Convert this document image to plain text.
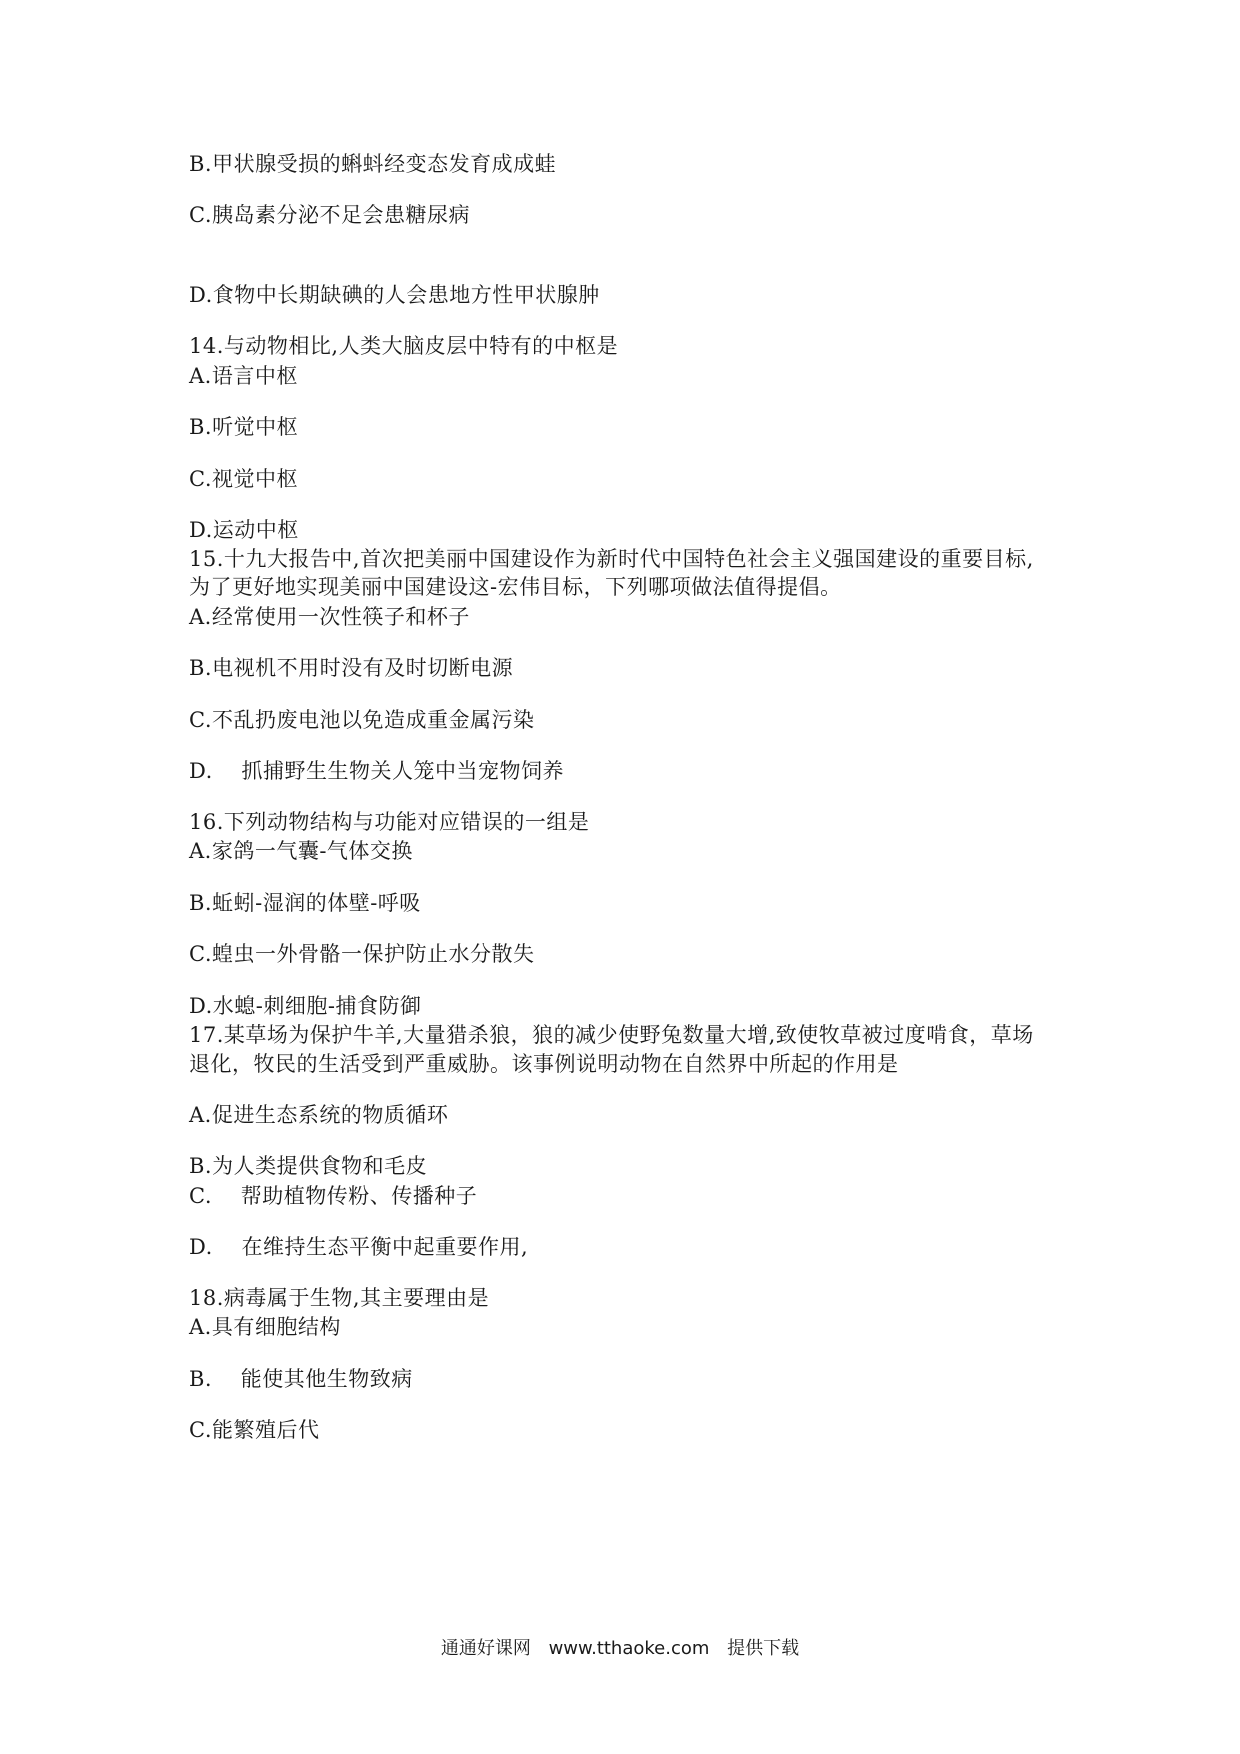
B.甲状腺受损的蝌蚪经变态发育成成蛙
C.胰岛素分泌不足会患糖尿病
D.食物中长期缺碘的人会患地方性甲状腺肿
14.与动物相比,人类大脑皮层中特有的中枢是
A.语言中枢
B.听觉中枢
C.视觉中枢
D.运动中枢
15.十九大报告中,首次把美丽中国建设作为新时代中国特色社会主义强国建设的重要目标,
为了更好地实现美丽中国建设这-宏伟目标，下列哪项做法值得提倡。
A.经常使用一次性筷子和杯子
B.电视机不用时没有及时切断电源
C.不乱扔废电池以免造成重金属污染
D.    抓捕野生生物关人笼中当宠物饲养
16.下列动物结构与功能对应错误的一组是
A.家鸽一气囊-气体交换
B.蚯蚓-湿润的体壁-呼吸
C.蝗虫一外骨骼一保护防止水分散失
D.水螅-刺细胞-捕食防御
17.某草场为保护牛羊,大量猎杀狼，狼的减少使野兔数量大增,致使牧草被过度啃食，草场
退化，牧民的生活受到严重威胁。该事例说明动物在自然界中所起的作用是
A.促进生态系统的物质循环
B.为人类提供食物和毛皮
C.    帮助植物传粉、传播种子
D.    在维持生态平衡中起重要作用,
18.病毒属于生物,其主要理由是
A.具有细胞结构
B.    能使其他生物致病
C.能繁殖后代
通通好课网 www.tthaoke.com 提供下载
